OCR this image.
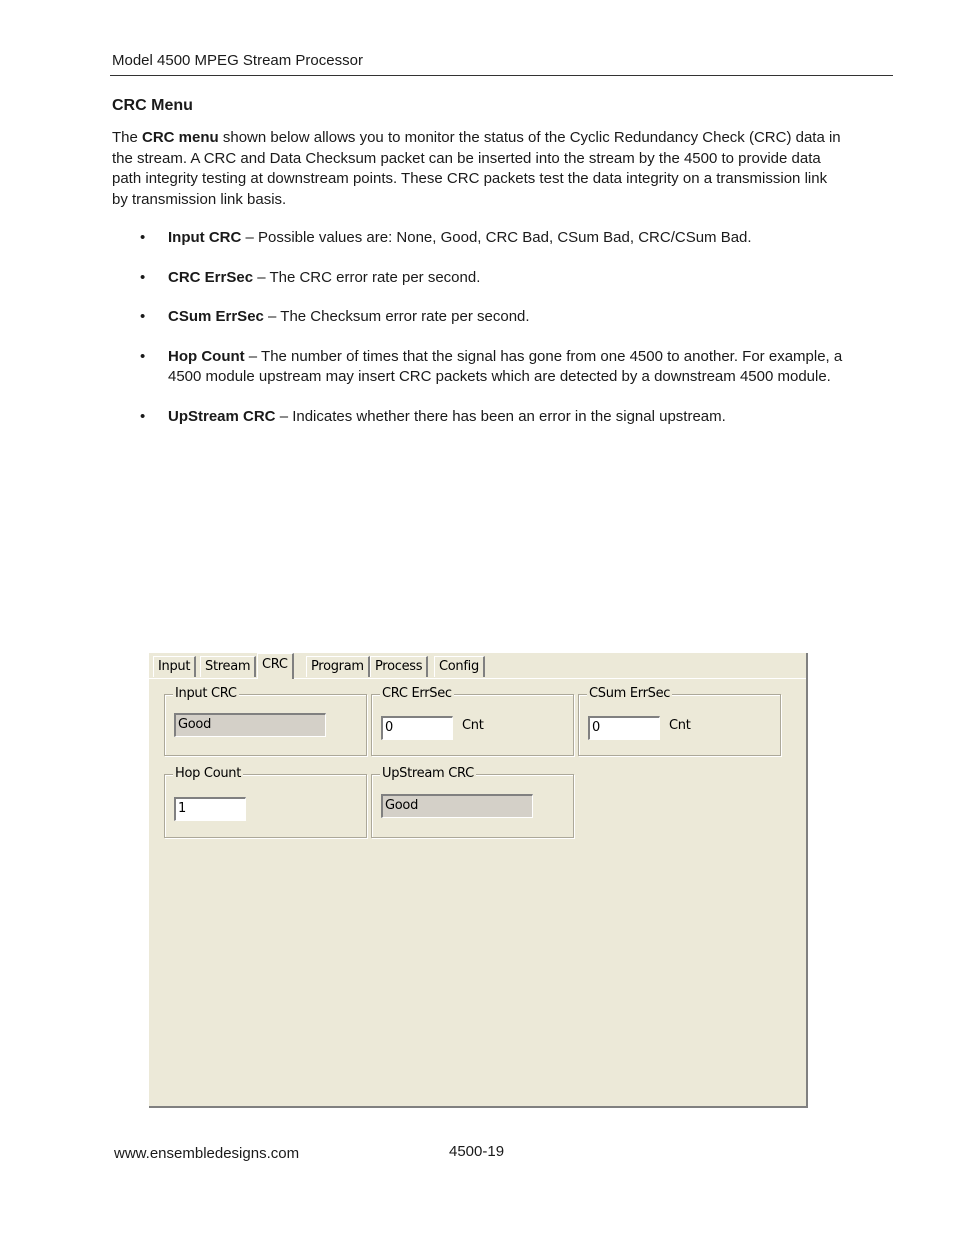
Model 4500 MPEG Stream Processor
CRC Menu

The CRC menu shown below allows you to monitor the status of the Cyclic Redundancy Check (CRC) data in the stream. A CRC and Data Checksum packet can be inserted into the stream by the 4500 to provide data path integrity testing at downstream points. These CRC packets test the data integrity on a transmission link by transmission link basis.

• Input CRC – Possible values are: None, Good, CRC Bad, CSum Bad, CRC/CSum Bad.
• CRC ErrSec – The CRC error rate per second.
• CSum ErrSec – The Checksum error rate per second.
• Hop Count – The number of times that the signal has gone from one 4500 to another. For example, a 4500 module upstream may insert CRC packets which are detected by a downstream 4500 module.
• UpStream CRC – Indicates whether there has been an error in the signal upstream.
Input	Stream CRC	Program Process	Config
Input CRC
Good
CRC ErrSec
0	Cnt
CSum ErrSec
0	Cnt
Hop Count
1
UpStream CRC
Good
www.ensembledesigns.com	4500-19
